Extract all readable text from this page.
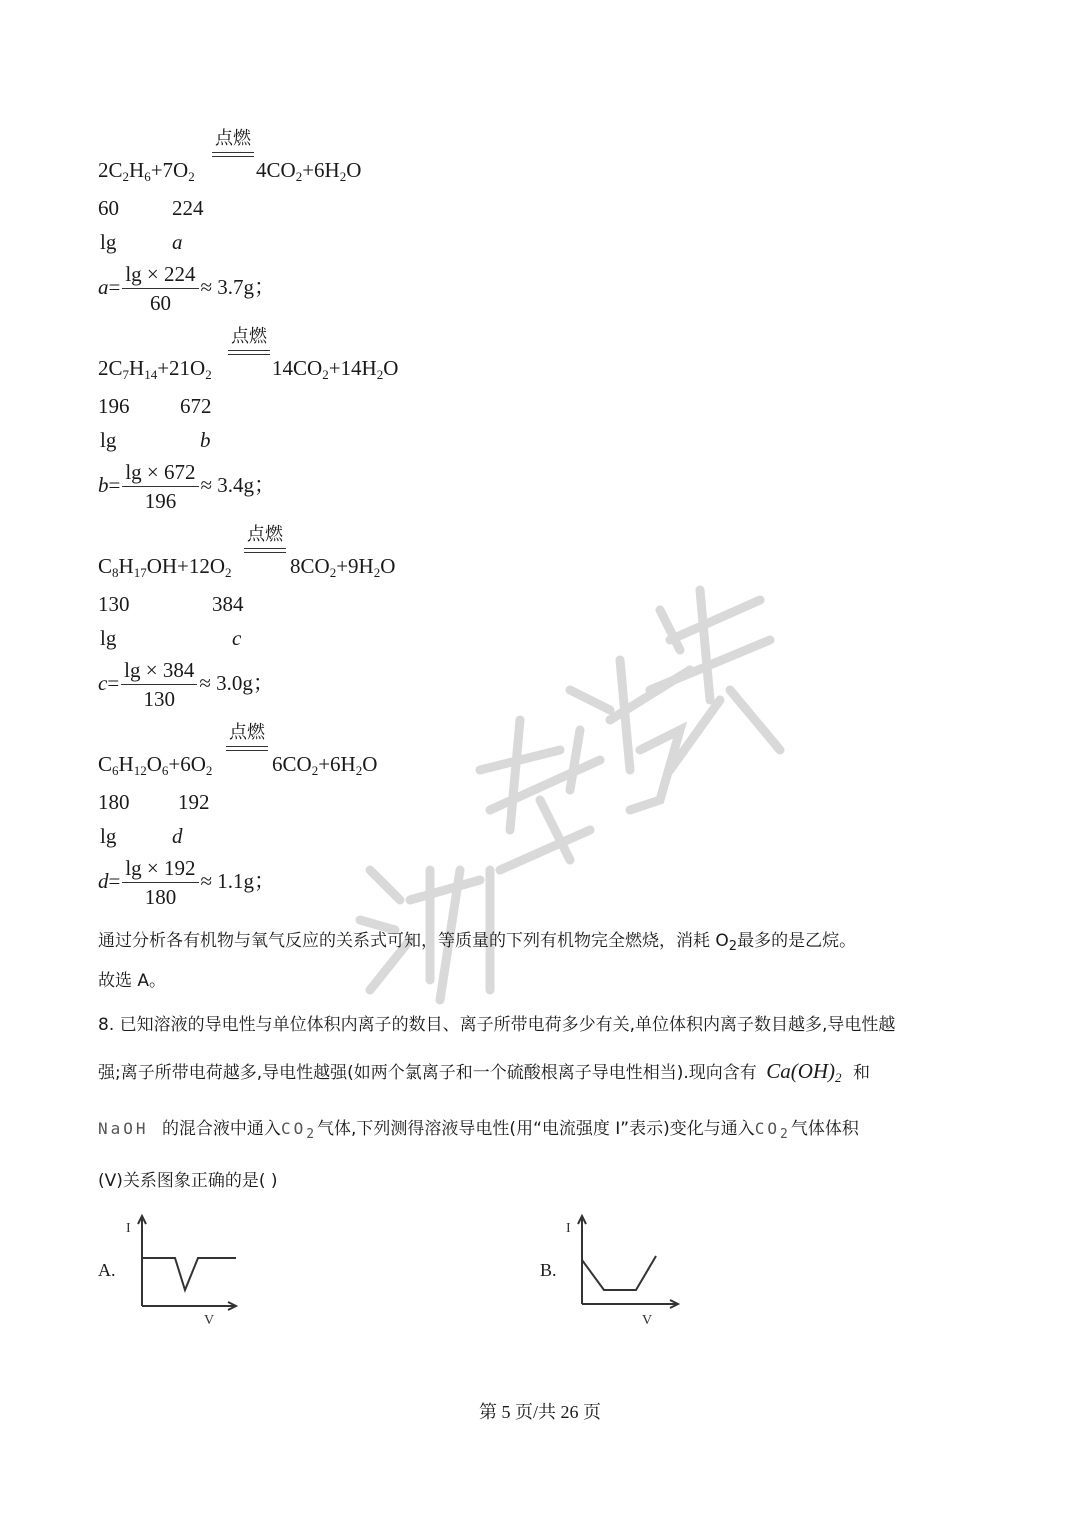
$2C_2H_6+7O_2$
点燃
$4CO_2+6H_2O$
60	224
lg	a
$a= \frac{\lg \times 224}{60} \approx 3.7g$；
$2C_7H_{14}+21O_2$
点燃
$14CO_2+14H_2O$
196 672
lg	b
$b= \frac{\lg \times 672}{196} \approx 3.4g$；
$C_8H_{17}OH+12O_2$
点燃
$8CO_2+9H_2O$
130	384
lg	c
$c= \frac{\lg \times 384}{130} \approx 3.0g$；
$C_6H_{12}O_6+6O_2$
点燃
$6CO_2+6H_2O$
180 192
lg	d
$d= \frac{\lg \times 192}{180} \approx 1.1g$；
通过分析各有机物与氧气反应的关系式可知，等质量的下列有机物完全燃烧，消耗 $O_2$最多的是乙烷。
故选 A。
8. 已知溶液的导电性与单位体积内离子的数目、离子所带电荷多少有关,单位体积内离子数目越多,导电性越
强;离子所带电荷越多,导电性越强(如两个氯离子和一个硫酸根离子导电性相当).现向含有 $Ca(OH)_2$ 和
NaOH 的混合液中通入$CO_2$气体,下列测得溶液导电性(用“电流强度 I”表示)变化与通入$CO_2$气体体积
(V)关系图象正确的是( )
A.
I
V
B.
I
V
第 5 页/共 26 页
